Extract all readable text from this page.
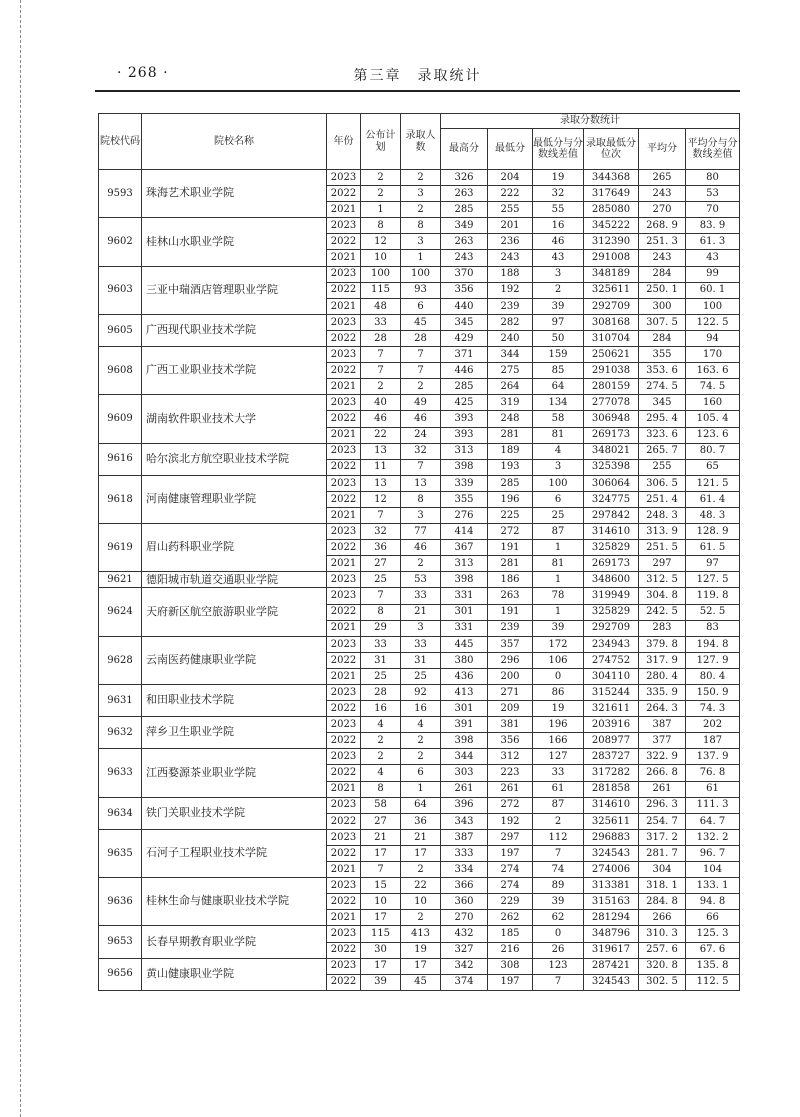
· 268 ·	第三章　录取统计
院校代码	院校名称	年份	公布计划	录取人数	录取分数统计					
					最高分	最低分	最低分与分数线差值	录取最低分位次	平均分	平均分与分数线差值
9593	珠海艺术职业学院	2023	2	2	326	204	19	344368	265	80
		2022	2	3	263	222	32	317649	243	53
		2021	1	2	285	255	55	285080	270	70
9602	桂林山水职业学院	2023	8	8	349	201	16	345222	268. 9	83. 9
		2022	12	3	263	236	46	312390	251. 3	61. 3
		2021	10	1	243	243	43	291008	243	43
9603	三亚中瑞酒店管理职业学院	2023	100	100	370	188	3	348189	284	99
		2022	115	93	356	192	2	325611	250. 1	60. 1
		2021	48	6	440	239	39	292709	300	100
9605	广西现代职业技术学院	2023	33	45	345	282	97	308168	307. 5	122. 5
		2022	28	28	429	240	50	310704	284	94
9608	广西工业职业技术学院	2023	7	7	371	344	159	250621	355	170
		2022	7	7	446	275	85	291038	353. 6	163. 6
		2021	2	2	285	264	64	280159	274. 5	74. 5
9609	湖南软件职业技术大学	2023	40	49	425	319	134	277078	345	160
		2022	46	46	393	248	58	306948	295. 4	105. 4
		2021	22	24	393	281	81	269173	323. 6	123. 6
9616	哈尔滨北方航空职业技术学院	2023	13	32	313	189	4	348021	265. 7	80. 7
		2022	11	7	398	193	3	325398	255	65
9618	河南健康管理职业学院	2023	13	13	339	285	100	306064	306. 5	121. 5
		2022	12	8	355	196	6	324775	251. 4	61. 4
		2021	7	3	276	225	25	297842	248. 3	48. 3
9619	眉山药科职业学院	2023	32	77	414	272	87	314610	313. 9	128. 9
		2022	36	46	367	191	1	325829	251. 5	61. 5
		2021	27	2	313	281	81	269173	297	97
9621	德阳城市轨道交通职业学院	2023	25	53	398	186	1	348600	312. 5	127. 5
9624	天府新区航空旅游职业学院	2023	7	33	331	263	78	319949	304. 8	119. 8
		2022	8	21	301	191	1	325829	242. 5	52. 5
		2021	29	3	331	239	39	292709	283	83
9628	云南医药健康职业学院	2023	33	33	445	357	172	234943	379. 8	194. 8
		2022	31	31	380	296	106	274752	317. 9	127. 9
		2021	25	25	436	200	0	304110	280. 4	80. 4
9631	和田职业技术学院	2023	28	92	413	271	86	315244	335. 9	150. 9
		2022	16	16	301	209	19	321611	264. 3	74. 3
9632	萍乡卫生职业学院	2023	4	4	391	381	196	203916	387	202
		2022	2	2	398	356	166	208977	377	187
9633	江西婺源茶业职业学院	2023	2	2	344	312	127	283727	322. 9	137. 9
		2022	4	6	303	223	33	317282	266. 8	76. 8
		2021	8	1	261	261	61	281858	261	61
9634	铁门关职业技术学院	2023	58	64	396	272	87	314610	296. 3	111. 3
		2022	27	36	343	192	2	325611	254. 7	64. 7
9635	石河子工程职业技术学院	2023	21	21	387	297	112	296883	317. 2	132. 2
		2022	17	17	333	197	7	324543	281. 7	96. 7
		2021	7	2	334	274	74	274006	304	104
9636	桂林生命与健康职业技术学院	2023	15	22	366	274	89	313381	318. 1	133. 1
		2022	10	10	360	229	39	315163	284. 8	94. 8
		2021	17	2	270	262	62	281294	266	66
9653	长春早期教育职业学院	2023	115	413	432	185	0	348796	310. 3	125. 3
		2022	30	19	327	216	26	319617	257. 6	67. 6
9656	黄山健康职业学院	2023	17	17	342	308	123	287421	320. 8	135. 8
		2022	39	45	374	197	7	324543	302. 5	112. 5
